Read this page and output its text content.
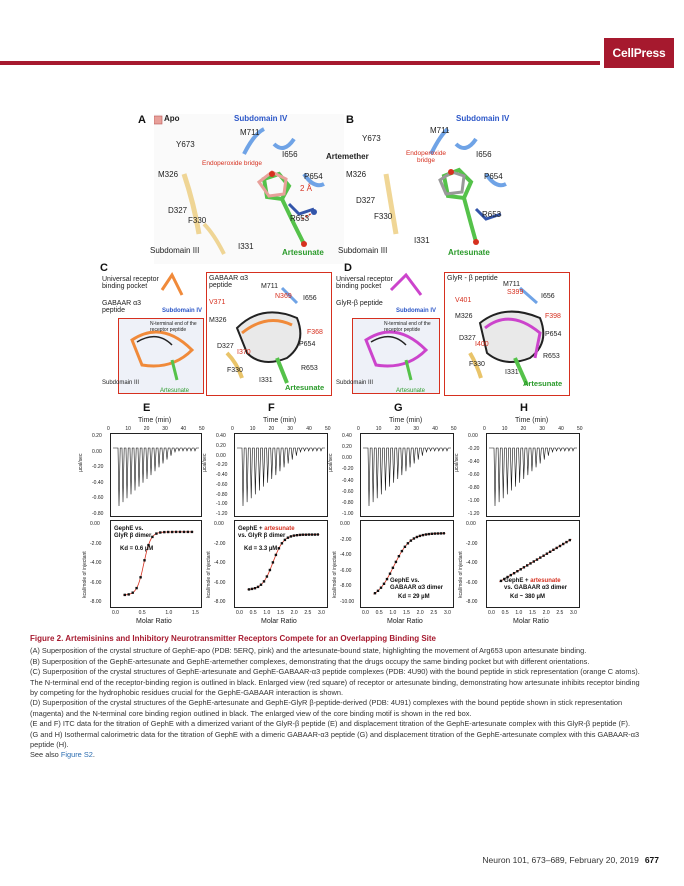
CellPress
A Apo	Subdomain IV
M711
Y673
I656
Endoperoxide bridge
M326	P654
2 Å
D327
F330	R653
Subdomain III	I331
Artesunate
B	Subdomain IV
M711
Y673
I656
Artemether	Endoperoxide bridge
M326	P654
D327
F330	R653
Subdomain III
I331
Artesunate
C
Universal receptor binding pocket
GABAAR α3 peptide	Subdomain IV
N-terminal end of the receptor peptide
Subdomain III
Artesunate
GABAAR α3 peptide	M711
V371
N369 I656
M326
F368
D327	P654
I370
F330	R653
I331
Artesunate
D
Universal receptor binding pocket
GlyR-β peptide
Subdomain IV
N-terminal end of the receptor peptide
Subdomain III
Artesunate
GlyR - β peptide
M711
S399
V401
I656
M326	F398
D327
P654
I400
R653
F330
I331
Artesunate
E
Time (min)
0	10	20	30	40	50
0.20
0.00
-0.20
-0.40
-0.60
-0.80
µcal/sec
0.00
-2.00
-4.00
-6.00
-8.00
kcal/mole of injectant
0.0	0.5	1.0	1.5
Molar Ratio
GephE vs.
GlyR β dimer
Kd = 0.6 µM
F
Time (min)
0	10	20	30	40	50
0.40
0.20
0.00
-0.20
-0.40
-0.60
-0.80
-1.00
-1.20
µcal/sec
0.00
-2.00
-4.00
-6.00
-8.00
kcal/mole of injectant
0.0 0.5 1.0 1.5 2.0 2.5 3.0
Molar Ratio
GephE + artesunate
vs. GlyR β dimer
Kd = 3.3 µM
G
Time (min)
0	10	20	30	40	50
0.40
0.20
0.00
-0.20
-0.40
-0.60
-0.80
-1.00
µcal/sec
0.00
-2.00
-4.00
-6.00
-8.00
-10.00
kcal/mole of injectant
0.0 0.5 1.0 1.5 2.0 2.5 3.0
Molar Ratio
GephE vs.
GABAAR α3 dimer
Kd = 29 µM
H
Time (min)
0	10	20	30	40	50
0.00
-0.20
-0.40
-0.60
-0.80
-1.00
-1.20
µcal/sec
0.00
-2.00
-4.00
-6.00
-8.00
kcal/mole of injectant
0.0 0.5 1.0 1.5 2.0 2.5 3.0
Molar Ratio
GephE + artesunate
vs. GABAAR α3 dimer
Kd ~ 380 µM
Figure 2. Artemisinins and Inhibitory Neurotransmitter Receptors Compete for an Overlapping Binding Site

(A) Superposition of the crystal structure of GephE-apo (PDB: 5ERQ, pink) and the artesunate-bound state, highlighting the movement of Arg653 upon artesunate binding.

(B) Superposition of the GephE-artesunate and GephE-artemether complexes, demonstrating that the drugs occupy the same binding pocket but with different orientations.

(C) Superposition of the crystal structures of GephE-artesunate and GephE-GABAAR-α3 peptide complexes (PDB: 4U90) with the bound peptide in stick representation (orange C atoms). The N-terminal end of the receptor-binding region is outlined in black. Enlarged view (red square) of receptor or artesunate binding, demonstrating how artesunate inhibits receptor binding by competing for the hydrophobic residues crucial for the GephE-GABAAR interaction is shown.

(D) Superposition of the crystal structures of the GephE-artesunate and GephE-GlyR β-peptide-derived (PDB: 4U91) complexes with the bound peptide shown in stick representation (magenta) and the N-terminal core binding region outlined in black. The enlarged view of the core binding motif is shown in the red box.

(E and F) ITC data for the titration of GephE with a dimerized variant of the GlyR-β peptide (E) and displacement titration of the GephE-artesunate complex with this GlyR-β peptide (F).

(G and H) Isothermal calorimetric data for the titration of GephE with a dimeric GABAAR-α3 peptide (G) and displacement titration of the GephE-artesunate complex with this GABAAR-α3 peptide (H).

See also Figure S2.

Neuron 101, 673–689, February 20, 2019 677
